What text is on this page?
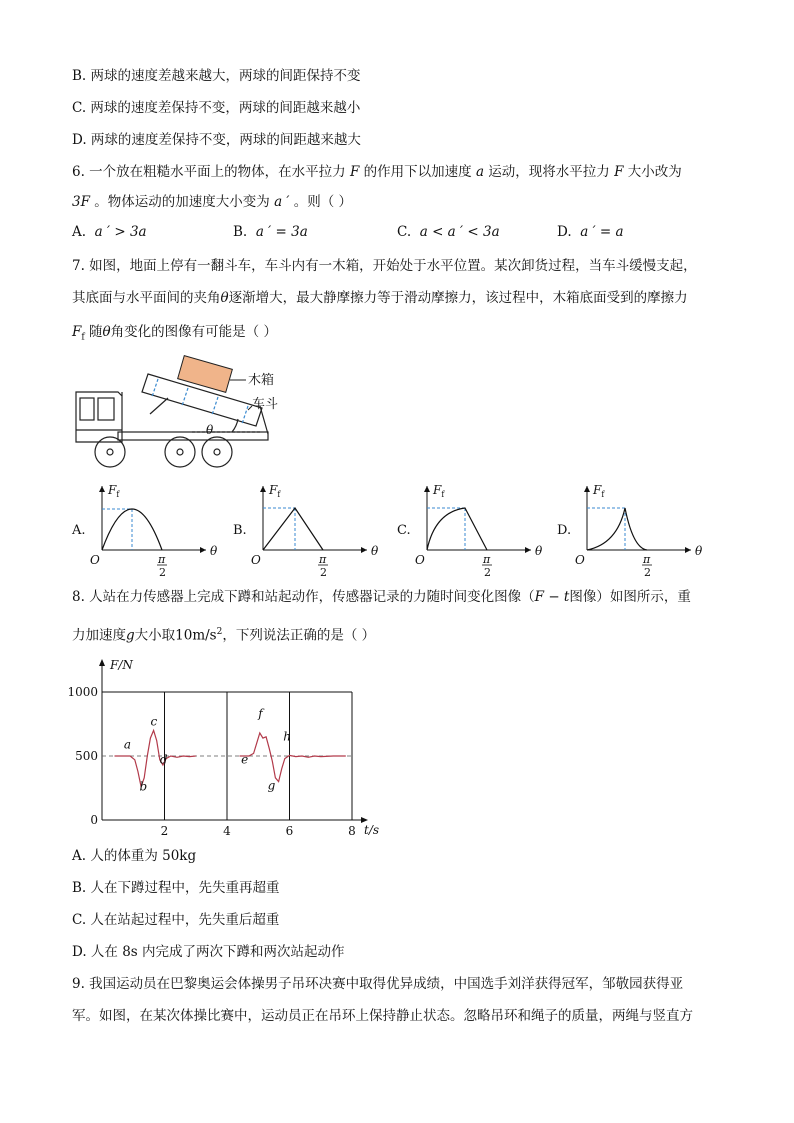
B. 两球的速度差越来越大，两球的间距保持不变
C. 两球的速度差保持不变，两球的间距越来越小
D. 两球的速度差保持不变，两球的间距越来越大
6. 一个放在粗糙水平面上的物体，在水平拉力 F 的作用下以加速度 a 运动，现将水平拉力 F 大小改为
3F 。物体运动的加速度大小变为 a ′ 。则（ ）
A. a ′ > 3a	B. a ′ = 3a	C. a < a ′ < 3a	D. a ′ = a
7. 如图，地面上停有一翻斗车，车斗内有一木箱，开始处于水平位置。某次卸货过程，当车斗缓慢支起，
其底面与水平面间的夹角θ逐渐增大，最大静摩擦力等于滑动摩擦力，该过程中，木箱底面受到的摩擦力
$F_f$ 随θ角变化的图像有可能是（ ）
木箱
车斗
θ
A.
$F_f$
O
θ
π
2
B.
$F_f$
O
θ
π
2
C.
$F_f$
O
θ
π
2
D.
$F_f$
O
θ
π
2
8. 人站在力传感器上完成下蹲和站起动作，传感器记录的力随时间变化图像（F − t图像）如图所示，重
力加速度g大小取$10m/s^2$，下列说法正确的是（ ）
F/N
t/s
0
500
1000
2	4	6	8
a
b
c
d	e
f
g
h
A. 人的体重为 50kg
B. 人在下蹲过程中，先失重再超重
C. 人在站起过程中，先失重后超重
D. 人在 8s 内完成了两次下蹲和两次站起动作
9. 我国运动员在巴黎奥运会体操男子吊环决赛中取得优异成绩，中国选手刘洋获得冠军，邹敬园获得亚
军。如图，在某次体操比赛中，运动员正在吊环上保持静止状态。忽略吊环和绳子的质量，两绳与竖直方
